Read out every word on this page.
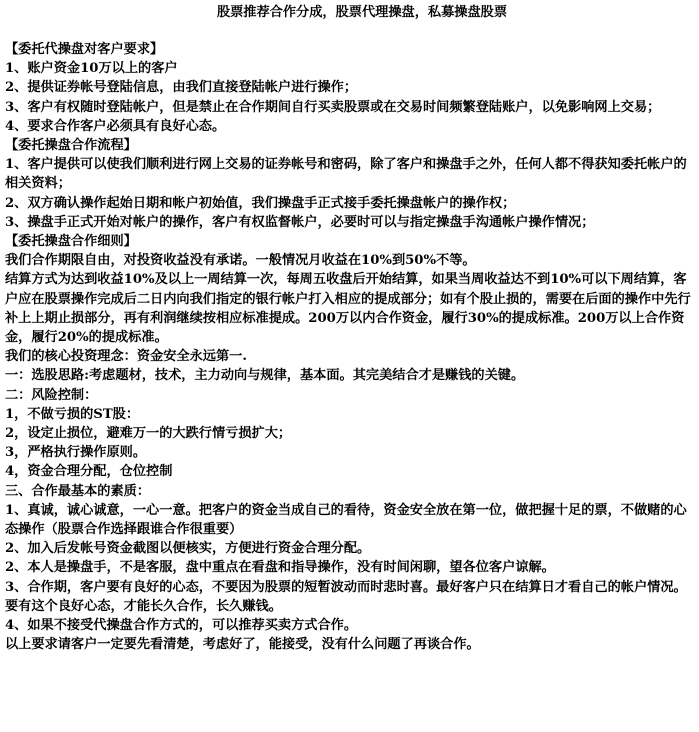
股票推荐合作分成，股票代理操盘，私募操盘股票
【委托代操盘对客户要求】
1、账户资金10万以上的客户
2、提供证券帐号登陆信息，由我们直接登陆帐户进行操作；
3、客户有权随时登陆帐户，但是禁止在合作期间自行买卖股票或在交易时间频繁登陆账户，以免影响网上交易；
4、要求合作客户必须具有良好心态。
【委托操盘合作流程】
1、客户提供可以使我们顺利进行网上交易的证券帐号和密码，除了客户和操盘手之外，任何人都不得获知委托帐户的相关资料；
2、双方确认操作起始日期和帐户初始值，我们操盘手正式接手委托操盘帐户的操作权；
3、操盘手正式开始对帐户的操作，客户有权监督帐户，必要时可以与指定操盘手沟通帐户操作情况；
【委托操盘合作细则】
我们合作期限自由，对投资收益没有承诺。一般情况月收益在10%到50%不等。
结算方式为达到收益10%及以上一周结算一次，每周五收盘后开始结算，如果当周收益达不到10%可以下周结算，客户应在股票操作完成后二日内向我们指定的银行帐户打入相应的提成部分；如有个股止损的，需要在后面的操作中先行补上上期止损部分，再有利润继续按相应标准提成。200万以内合作资金，履行30%的提成标准。200万以上合作资金，履行20%的提成标准。
我们的核心投资理念：资金安全永远第一.
一：选股思路:考虑题材，技术，主力动向与规律，基本面。其完美结合才是赚钱的关键。
二：风险控制：
1，不做亏损的ST股：
2，设定止损位，避难万一的大跌行情亏损扩大；
3，严格执行操作原则。
4，资金合理分配，仓位控制
三、合作最基本的素质：
1、真诚，诚心诚意，一心一意。把客户的资金当成自己的看待，资金安全放在第一位，做把握十足的票，不做赌的心态操作（股票合作选择跟谁合作很重要）
2、加入后发帐号资金截图以便核实，方便进行资金合理分配。
2、本人是操盘手，不是客服，盘中重点在看盘和指导操作，没有时间闲聊，望各位客户谅解。
3、合作期，客户要有良好的心态，不要因为股票的短暂波动而时悲时喜。最好客户只在结算日才看自己的帐户情况。要有这个良好心态，才能长久合作，长久赚钱。
4、如果不接受代操盘合作方式的，可以推荐买卖方式合作。
以上要求请客户一定要先看清楚，考虑好了，能接受，没有什么问题了再谈合作。
